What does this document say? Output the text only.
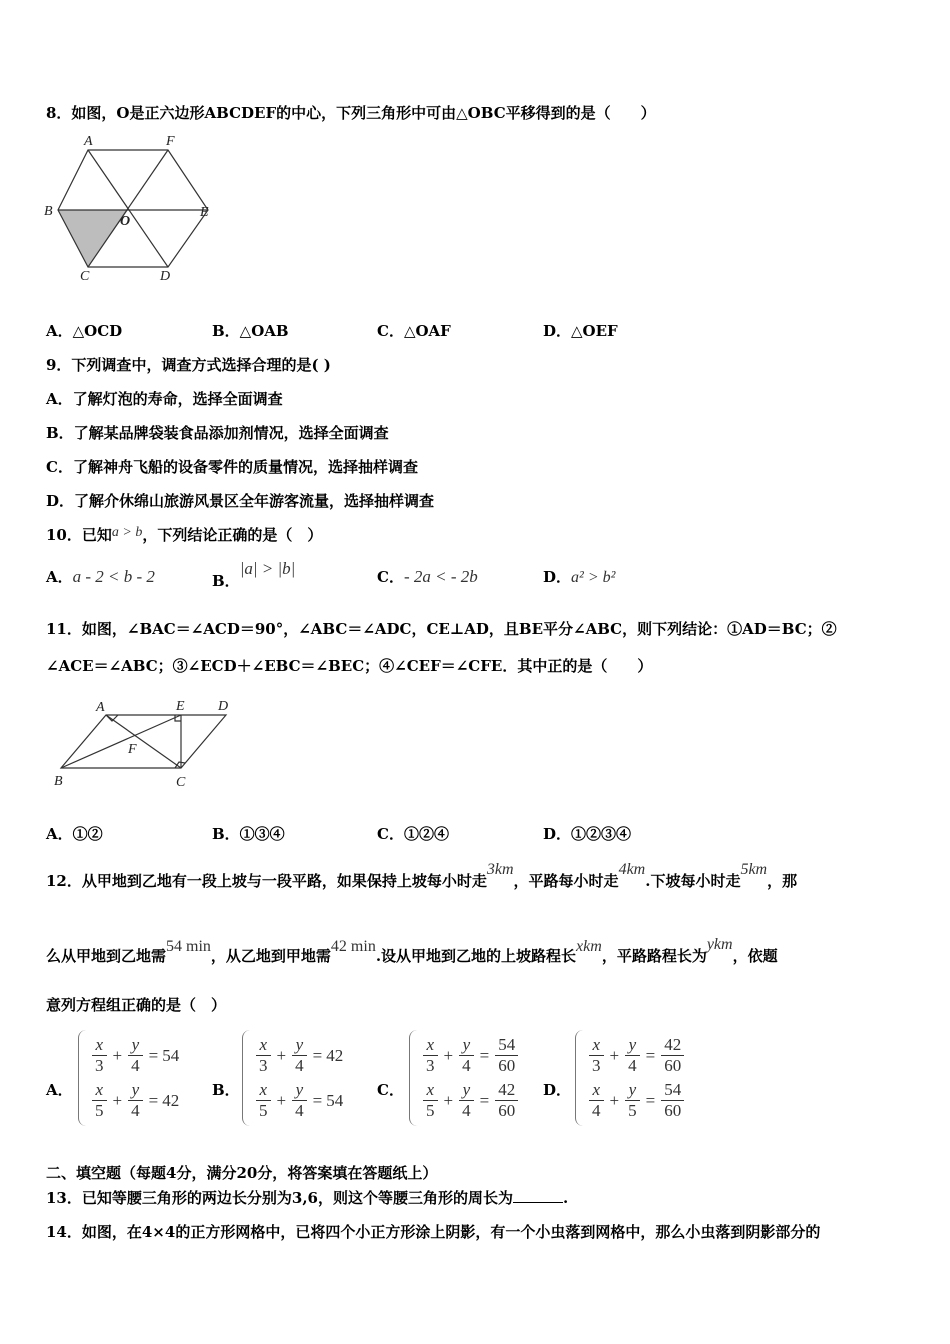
8．如图，O是正六边形ABCDEF的中心，下列三角形中可由△OBC平移得到的是（　　）
A	F
B
O
E
C	D
A．△OCD	B．△OAB	C．△OAF	D．△OEF
9．下列调查中，调查方式选择合理的是( )
A．了解灯泡的寿命，选择全面调查
B．了解某品牌袋装食品添加剂情况，选择全面调查
C．了解神舟飞船的设备零件的质量情况，选择抽样调查
D．了解介休绵山旅游风景区全年游客流量，选择抽样调查
10．已知a > b，下列结论正确的是（　）
A．a - 2 < b - 2	B．|a| > |b|	C．- 2a < - 2b	D．a² > b²
11．如图，∠BAC＝∠ACD＝90°，∠ABC＝∠ADC，CE⊥AD，且BE平分∠ABC，则下列结论：①AD＝BC；②
∠ACE＝∠ABC；③∠ECD＋∠EBC＝∠BEC；④∠CEF＝∠CFE．其中正的是（　　）
A	E D
F
B	C
A．①②	B．①③④	C．①②④	D．①②③④
12．从甲地到乙地有一段上坡与一段平路，如果保持上坡每小时走3km，平路每小时走4km.下坡每小时走5km，那
么从甲地到乙地需54 min，从乙地到甲地需42 min.设从甲地到乙地的上坡路程长xkm，平路路程长为ykm，依题
意列方程组正确的是（　）
A．
$\frac{x}{3} + \frac{y}{4} = 54$
$\frac{x}{5} + \frac{y}{4} = 42$
B．
$\frac{x}{3} + \frac{y}{4} = 42$
$\frac{x}{5} + \frac{y}{4} = 54$
C．
$\frac{x}{3} + \frac{y}{4} = \frac{54}{60}$
$\frac{x}{5} + \frac{y}{4} = \frac{42}{60}$ D．
$\frac{x}{3} + \frac{y}{4} = \frac{42}{60}$
$\frac{x}{4} + \frac{y}{5} = \frac{54}{60}$
二、填空题（每题4分，满分20分，将答案填在答题纸上）
13．已知等腰三角形的两边长分别为3,6，则这个等腰三角形的周长为	.
14．如图，在4×4的正方形网格中，已将四个小正方形涂上阴影，有一个小虫落到网格中，那么小虫落到阴影部分的
